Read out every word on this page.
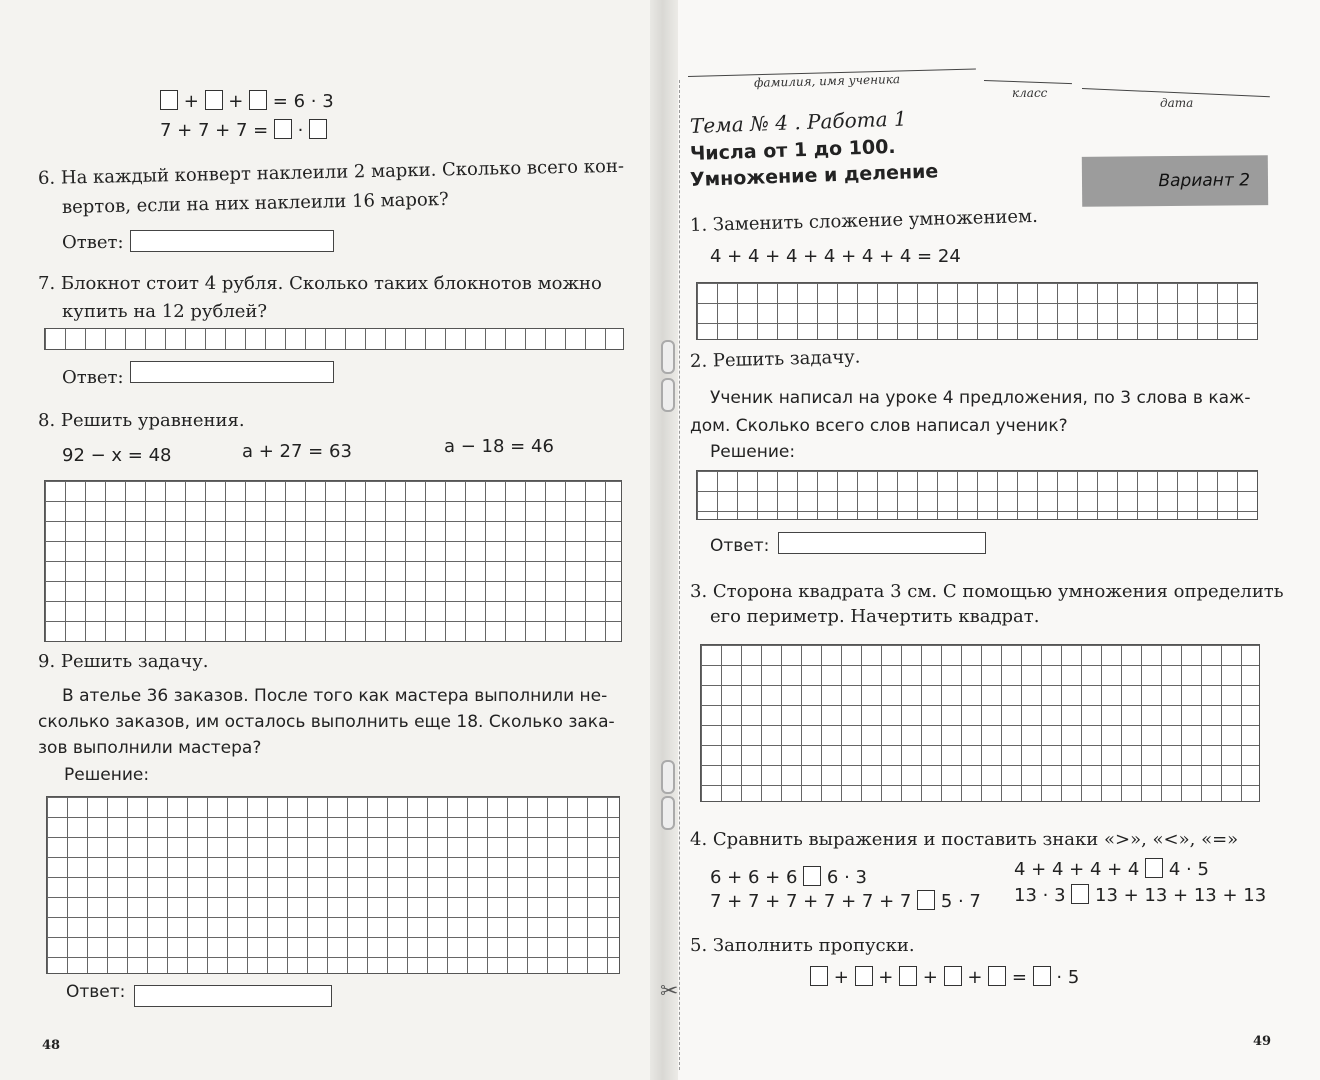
✂
+  +  = 6 · 3
7 + 7 + 7 =  ·
6. На каждый конверт наклеили 2 марки. Сколько всего кон-
вертов, если на них наклеили 16 марок?
Ответ:
7. Блокнот стоит 4 рубля. Сколько таких блокнотов можно
купить на 12 рублей?
Ответ:
8. Решить уравнения.
92 − x = 48	a + 27 = 63	a − 18 = 46
9. Решить задачу.
В ателье 36 заказов. После того как мастера выполнили не-
сколько заказов, им осталось выполнить еще 18. Сколько зака-
зов выполнили мастера?
Решение:
Ответ:
48
фамилия, имя ученика
класс
дата
Тема № 4 . Работа 1
Числа от 1 до 100.
Умножение и деление	Вариант 2
1. Заменить сложение умножением.
4 + 4 + 4 + 4 + 4 + 4 = 24
2. Решить задачу.
Ученик написал на уроке 4 предложения, по 3 слова в каж-
дом. Сколько всего слов написал ученик?
Решение:
Ответ:
3. Сторона квадрата 3 см. С помощью умножения определить
его периметр. Начертить квадрат.
4. Сравнить выражения и поставить знаки «>», «<», «=»
6 + 6 + 6 6 · 3	4 + 4 + 4 + 4 4 · 5
7 + 7 + 7 + 7 + 7 + 7 5 · 7 13 · 3 13 + 13 + 13 + 13
5. Заполнить пропуски.
+  +  +  +  =  · 5
49
